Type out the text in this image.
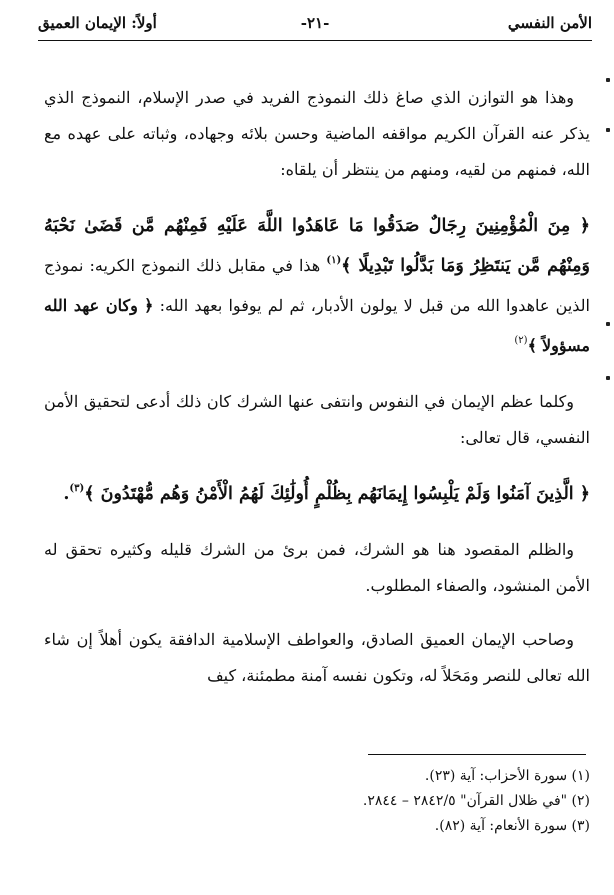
الأمن النفسي
-٢١-
أولاً: الإيمان العميق

وهذا هو التوازن الذي صاغ ذلك النموذج الفريد في صدر الإسلام، النموذج الذي يذكر عنه القرآن الكريم مواقفه الماضية وحسن بلائه وجهاده، وثباته على عهده مع الله، فمنهم من لقيه، ومنهم من ينتظر أن يلقاه:

﴿ مِنَ الْمُؤْمِنِينَ رِجَالٌ صَدَقُوا مَا عَاهَدُوا اللَّهَ عَلَيْهِ فَمِنْهُم مَّن قَضَىٰ نَحْبَهُ وَمِنْهُم مَّن يَنتَظِرُ وَمَا بَدَّلُوا تَبْدِيلًا ﴾$^{(١)}$ هذا في مقابل ذلك النموذج الكريه: نموذج الذين عاهدوا الله من قبل لا يولون الأدبار، ثم لم يوفوا بعهد الله: ﴿ وكان عهد الله مسؤولاً ﴾$^{(٢)}$

وكلما عظم الإيمان في النفوس وانتفى عنها الشرك كان ذلك أدعى لتحقيق الأمن النفسي، قال تعالى:

﴿ الَّذِينَ آمَنُوا وَلَمْ يَلْبِسُوا إِيمَانَهُم بِظُلْمٍ أُولَٰئِكَ لَهُمُ الْأَمْنُ وَهُم مُّهْتَدُونَ ﴾$^{(٣)}$.

والظلم المقصود هنا هو الشرك، فمن برئ من الشرك قليله وكثيره تحقق له الأمن المنشود، والصفاء المطلوب.

وصاحب الإيمان العميق الصادق، والعواطف الإسلامية الدافقة يكون أهلاً إن شاء الله تعالى للنصر ومَحَلاً له، وتكون نفسه آمنة مطمئنة، كيف

(١) سورة الأحزاب: آية (٢٣).

(٢) "في ظلال القرآن" ٢٨٤٢/٥ – ٢٨٤٤.

(٣) سورة الأنعام: آية (٨٢).
